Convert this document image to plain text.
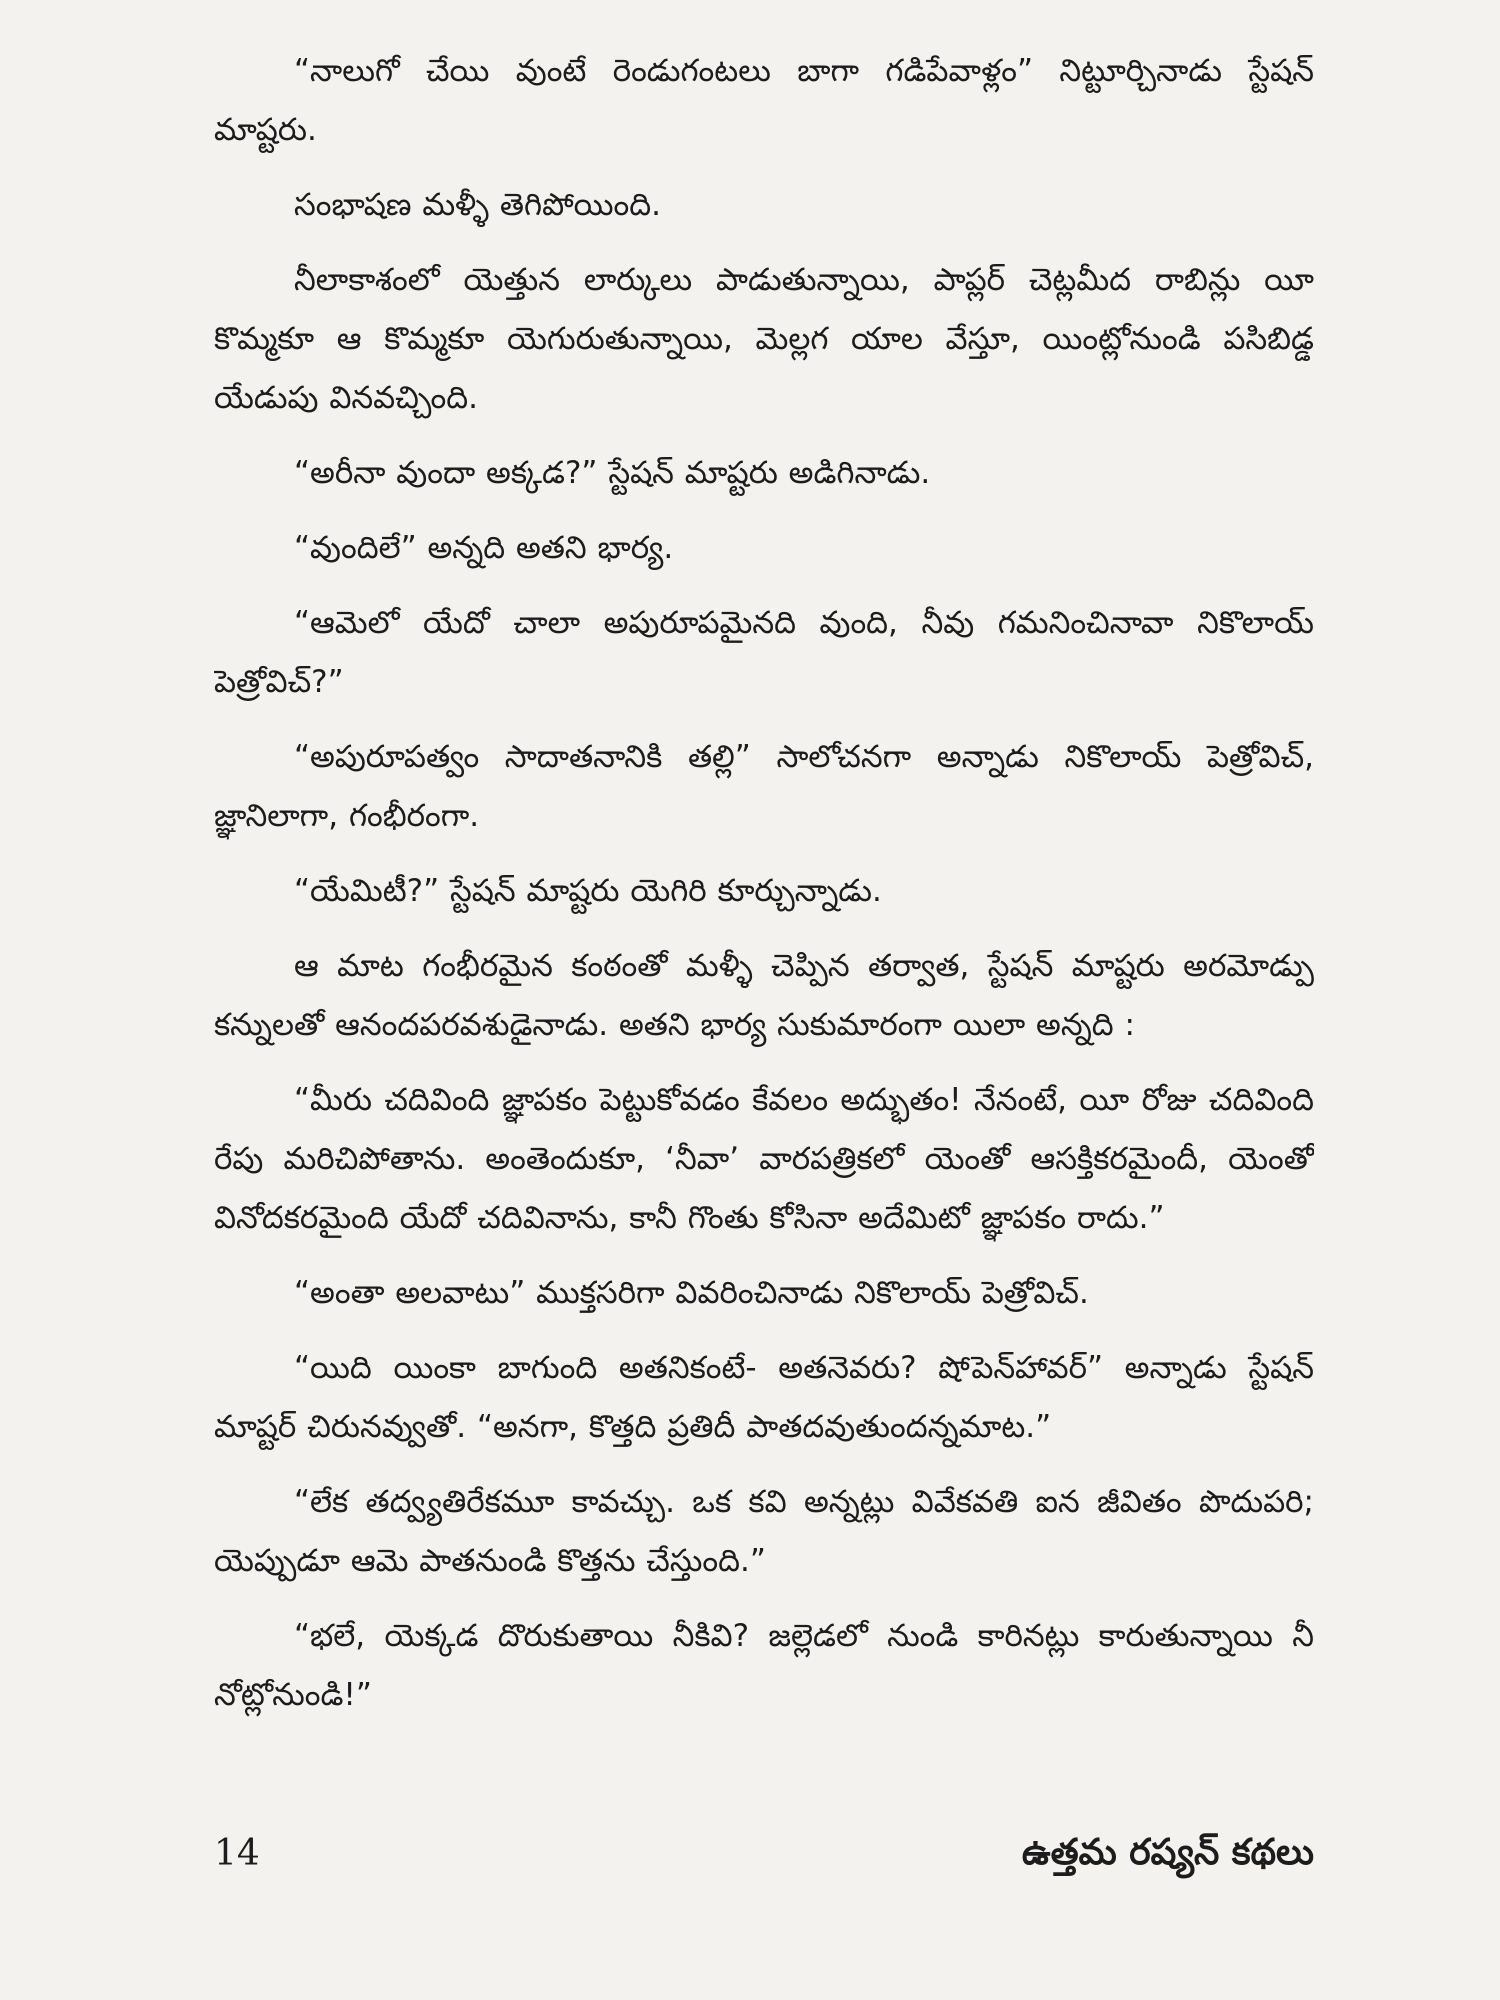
“నాలుగో చేయి వుంటే రెండుగంటలు బాగా గడిపేవాళ్లం” నిట్టూర్చినాడు స్టేషన్ మాష్టరు.

సంభాషణ మళ్ళీ తెగిపోయింది.

నీలాకాశంలో యెత్తున లార్కులు పాడుతున్నాయి, పాప్లర్ చెట్లమీద రాబిన్లు యీ కొమ్మకూ ఆ కొమ్మకూ యెగురుతున్నాయి, మెల్లగ యాల వేస్తూ, యింట్లోనుండి పసిబిడ్డ యేడుపు వినవచ్చింది.

“అరీనా వుందా అక్కడ?” స్టేషన్ మాష్టరు అడిగినాడు.

“వుందిలే” అన్నది అతని భార్య.

“ఆమెలో యేదో చాలా అపురూపమైనది వుంది, నీవు గమనించినావా నికొలాయ్ పెత్రోవిచ్?”

“అపురూపత్వం సాదాతనానికి తల్లి” సాలోచనగా అన్నాడు నికొలాయ్ పెత్రోవిచ్, జ్ఞానిలాగా, గంభీరంగా.

“యేమిటీ?” స్టేషన్ మాష్టరు యెగిరి కూర్చున్నాడు.

ఆ మాట గంభీరమైన కంఠంతో మళ్ళీ చెప్పిన తర్వాత, స్టేషన్ మాష్టరు అరమోడ్పు కన్నులతో ఆనందపరవశుడైనాడు. అతని భార్య సుకుమారంగా యిలా అన్నది :

“మీరు చదివింది జ్ఞాపకం పెట్టుకోవడం కేవలం అద్భుతం! నేనంటే, యీ రోజు చదివింది రేపు మరిచిపోతాను. అంతెందుకూ, ‘నీవా’ వారపత్రికలో యెంతో ఆసక్తికరమైందీ, యెంతో వినోదకరమైంది యేదో చదివినాను, కానీ గొంతు కోసినా అదేమిటో జ్ఞాపకం రాదు.”

“అంతా అలవాటు” ముక్తసరిగా వివరించినాడు నికొలాయ్ పెత్రోవిచ్.

“యిది యింకా బాగుంది అతనికంటే- అతనెవరు? షోపెన్‌హావర్” అన్నాడు స్టేషన్ మాష్టర్ చిరునవ్వుతో. “అనగా, కొత్తది ప్రతిదీ పాతదవుతుందన్నమాట.”

“లేక తద్వ్యతిరేకమూ కావచ్చు. ఒక కవి అన్నట్లు వివేకవతి ఐన జీవితం పొదుపరి; యెప్పుడూ ఆమె పాతనుండి కొత్తను చేస్తుంది.”

“భలే, యెక్కడ దొరుకుతాయి నీకివి? జల్లెడలో నుండి కారినట్లు కారుతున్నాయి నీ నోట్లోనుండి!”

14	ఉత్తమ రష్యన్ కథలు
